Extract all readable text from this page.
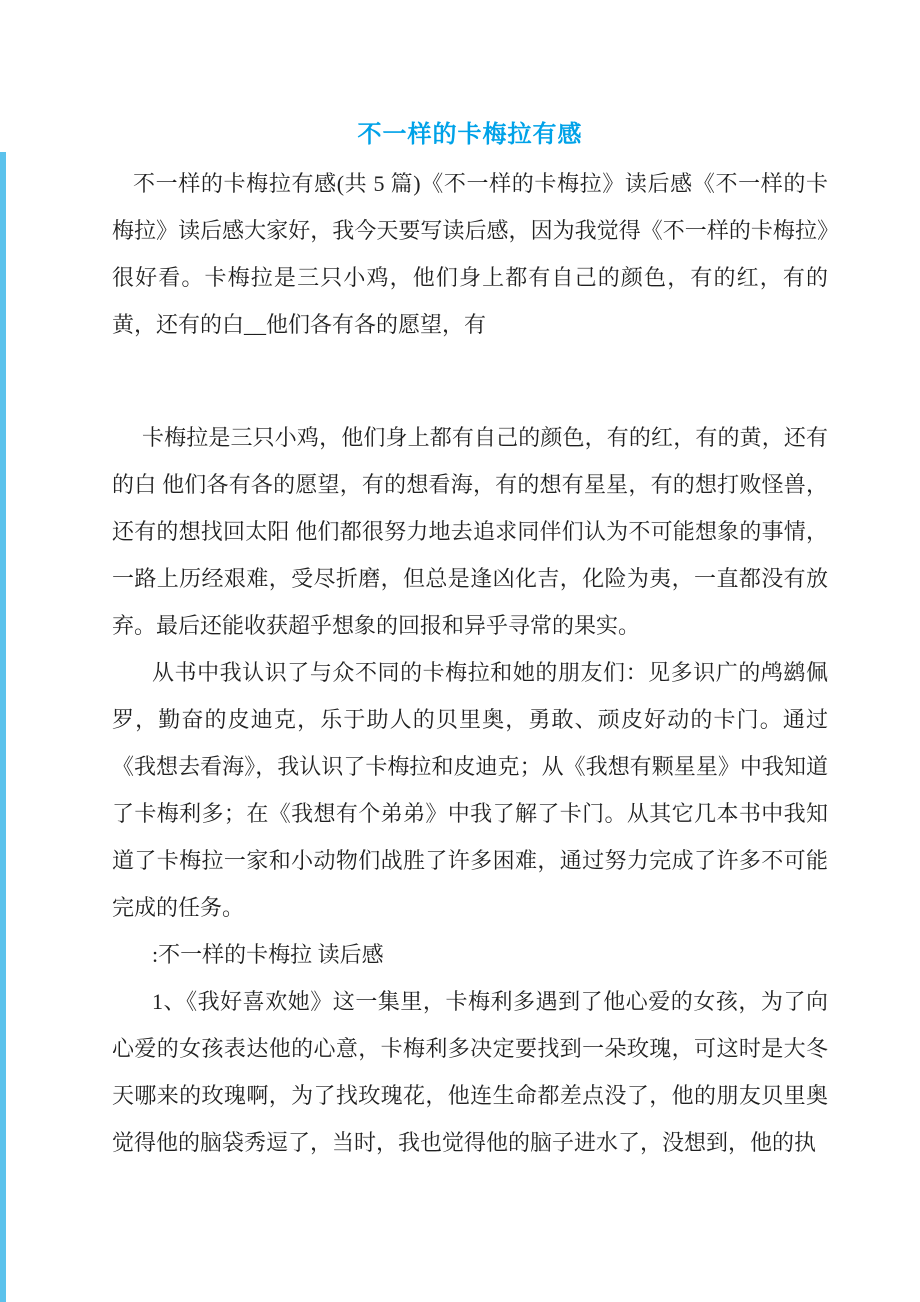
不一样的卡梅拉有感

不一样的卡梅拉有感(共 5 篇)《不一样的卡梅拉》读后感《不一样的卡梅拉》读后感大家好，我今天要写读后感，因为我觉得《不一样的卡梅拉》很好看。卡梅拉是三只小鸡，他们身上都有自己的颜色，有的红，有的黄，还有的白__他们各有各的愿望，有

卡梅拉是三只小鸡，他们身上都有自己的颜色，有的红，有的黄，还有的白 他们各有各的愿望，有的想看海，有的想有星星，有的想打败怪兽，还有的想找回太阳 他们都很努力地去追求同伴们认为不可能想象的事情，一路上历经艰难，受尽折磨，但总是逢凶化吉，化险为夷，一直都没有放弃。最后还能收获超乎想象的回报和异乎寻常的果实。

从书中我认识了与众不同的卡梅拉和她的朋友们：见多识广的鸬鹚佩罗，勤奋的皮迪克，乐于助人的贝里奥，勇敢、顽皮好动的卡门。通过《我想去看海》，我认识了卡梅拉和皮迪克；从《我想有颗星星》中我知道了卡梅利多；在《我想有个弟弟》中我了解了卡门。从其它几本书中我知道了卡梅拉一家和小动物们战胜了许多困难，通过努力完成了许多不可能完成的任务。

:不一样的卡梅拉 读后感

1、《我好喜欢她》这一集里，卡梅利多遇到了他心爱的女孩，为了向心爱的女孩表达他的心意，卡梅利多决定要找到一朵玫瑰，可这时是大冬天哪来的玫瑰啊，为了找玫瑰花，他连生命都差点没了，他的朋友贝里奥觉得他的脑袋秀逗了，当时，我也觉得他的脑子进水了，没想到，他的执
